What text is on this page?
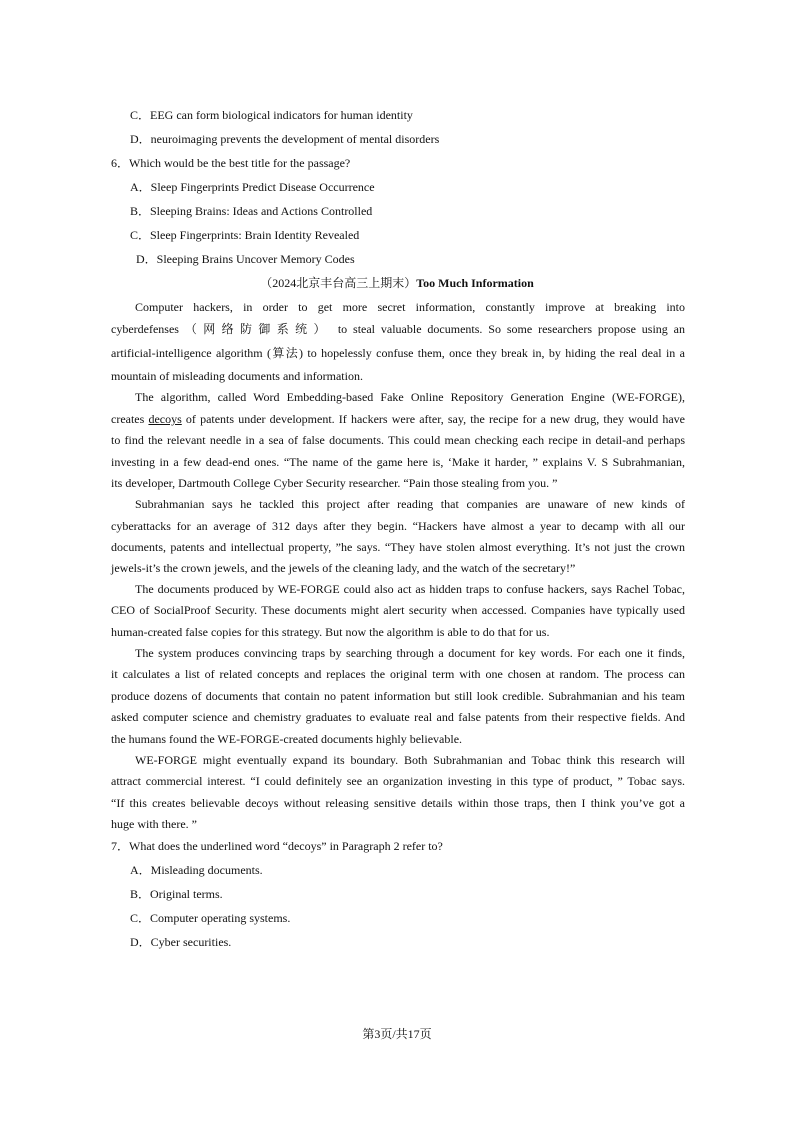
C．EEG can form biological indicators for human identity
D．neuroimaging prevents the development of mental disorders
6．Which would be the best title for the passage?
A．Sleep Fingerprints Predict Disease Occurrence
B．Sleeping Brains: Ideas and Actions Controlled
C．Sleep Fingerprints: Brain Identity Revealed
D．Sleeping Brains Uncover Memory Codes
（2024北京丰台高三上期末）Too Much Information
Computer hackers, in order to get more secret information, constantly improve at breaking into
cyberdefenses （网络防御系统） to steal valuable documents. So some researchers propose using an
artificial-intelligence algorithm (算法) to hopelessly confuse them, once they break in, by hiding the real deal in a
mountain of misleading documents and information.
The algorithm, called Word Embedding-based Fake Online Repository Generation Engine (WE-FORGE),
creates decoys of patents under development. If hackers were after, say, the recipe for a new drug, they would have
to find the relevant needle in a sea of false documents. This could mean checking each recipe in detail-and perhaps
investing in a few dead-end ones. “The name of the game here is, ‘Make it harder, ” explains V. S Subrahmanian,
its developer, Dartmouth College Cyber Security researcher. “Pain those stealing from you. ”
Subrahmanian says he tackled this project after reading that companies are unaware of new kinds of
cyberattacks for an average of 312 days after they begin. “Hackers have almost a year to decamp with all our
documents, patents and intellectual property, ”he says. “They have stolen almost everything. It’s not just the crown
jewels-it’s the crown jewels, and the jewels of the cleaning lady, and the watch of the secretary!”
The documents produced by WE-FORGE could also act as hidden traps to confuse hackers, says Rachel Tobac,
CEO of SocialProof Security. These documents might alert security when accessed. Companies have typically used
human-created false copies for this strategy. But now the algorithm is able to do that for us.
The system produces convincing traps by searching through a document for key words. For each one it finds,
it calculates a list of related concepts and replaces the original term with one chosen at random. The process can
produce dozens of documents that contain no patent information but still look credible. Subrahmanian and his team
asked computer science and chemistry graduates to evaluate real and false patents from their respective fields. And
the humans found the WE-FORGE-created documents highly believable.
WE-FORGE might eventually expand its boundary. Both Subrahmanian and Tobac think this research will
attract commercial interest. “I could definitely see an organization investing in this type of product, ” Tobac says.
“If this creates believable decoys without releasing sensitive details within those traps, then I think you’ve got a
huge with there. ”
7．What does the underlined word “decoys” in Paragraph 2 refer to?
A．Misleading documents.
B．Original terms.
C．Computer operating systems.
D．Cyber securities.
第3页/共17页
